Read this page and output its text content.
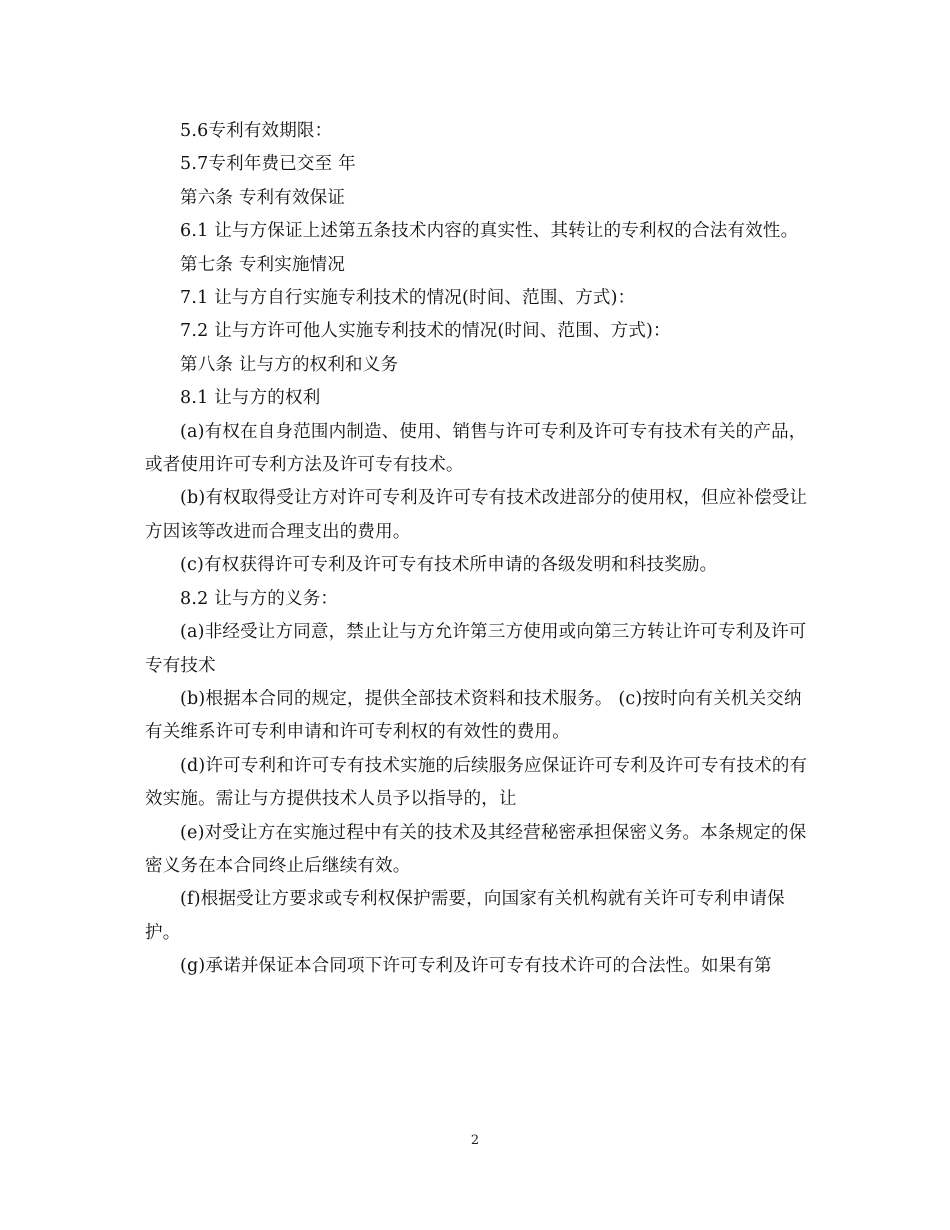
5.6专利有效期限：

5.7专利年费已交至 年

第六条 专利有效保证

6.1 让与方保证上述第五条技术内容的真实性、其转让的专利权的合法有效性。

第七条 专利实施情况

7.1 让与方自行实施专利技术的情况(时间、范围、方式)：

7.2 让与方许可他人实施专利技术的情况(时间、范围、方式)：

第八条 让与方的权利和义务

8.1 让与方的权利

(a)有权在自身范围内制造、使用、销售与许可专利及许可专有技术有关的产品，或者使用许可专利方法及许可专有技术。

(b)有权取得受让方对许可专利及许可专有技术改进部分的使用权，但应补偿受让方因该等改进而合理支出的费用。

(c)有权获得许可专利及许可专有技术所申请的各级发明和科技奖励。

8.2 让与方的义务：

(a)非经受让方同意，禁止让与方允许第三方使用或向第三方转让许可专利及许可专有技术

(b)根据本合同的规定，提供全部技术资料和技术服务。 (c)按时向有关机关交纳有关维系许可专利申请和许可专利权的有效性的费用。

(d)许可专利和许可专有技术实施的后续服务应保证许可专利及许可专有技术的有效实施。需让与方提供技术人员予以指导的，让

(e)对受让方在实施过程中有关的技术及其经营秘密承担保密义务。本条规定的保密义务在本合同终止后继续有效。

(f)根据受让方要求或专利权保护需要，向国家有关机构就有关许可专利申请保护。

(g)承诺并保证本合同项下许可专利及许可专有技术许可的合法性。如果有第

2
